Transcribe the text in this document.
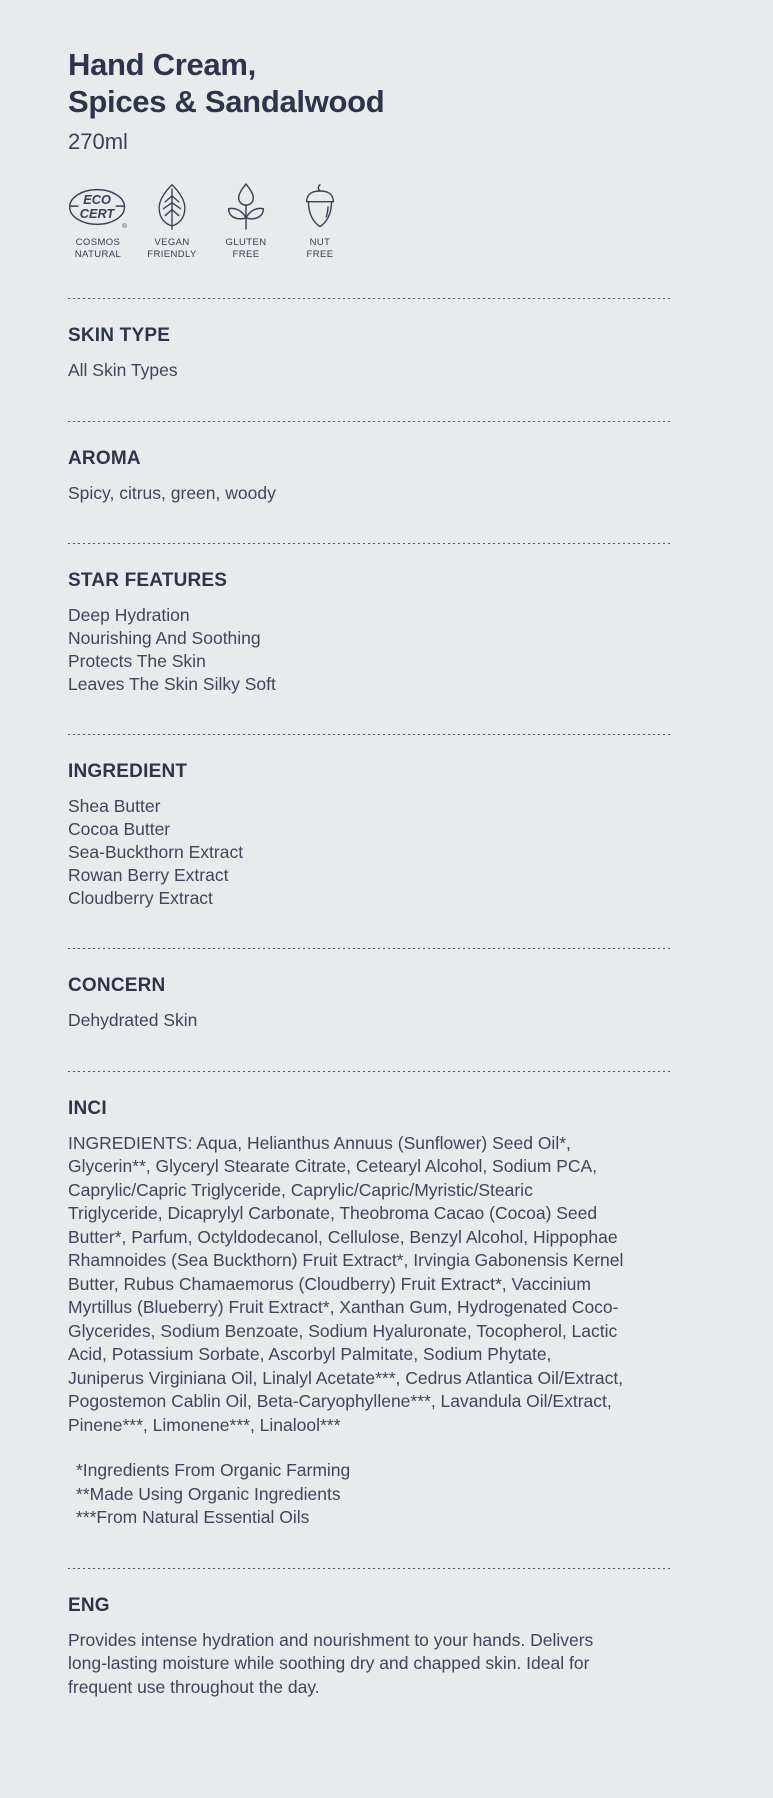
Hand Cream,
Spices & Sandalwood
270ml
ECO
CERT
®
COSMOS
NATURAL
VEGAN
FRIENDLY
GLUTEN
FREE
NUT
FREE
SKIN TYPE
All Skin Types
AROMA
Spicy, citrus, green, woody
STAR FEATURES
Deep Hydration
Nourishing And Soothing
Protects The Skin
Leaves The Skin Silky Soft
INGREDIENT
Shea Butter
Cocoa Butter
Sea-Buckthorn Extract
Rowan Berry Extract
Cloudberry Extract
CONCERN
Dehydrated Skin
INCI
INGREDIENTS: Aqua, Helianthus Annuus (Sunflower) Seed Oil*, Glycerin**, Glyceryl Stearate Citrate, Cetearyl Alcohol, Sodium PCA, Caprylic/Capric Triglyceride, Caprylic/Capric/Myristic/Stearic Triglyceride, Dicaprylyl Carbonate, Theobroma Cacao (Cocoa) Seed Butter*, Parfum, Octyldodecanol, Cellulose, Benzyl Alcohol, Hippophae Rhamnoides (Sea Buckthorn) Fruit Extract*, Irvingia Gabonensis Kernel Butter, Rubus Chamaemorus (Cloudberry) Fruit Extract*, Vaccinium Myrtillus (Blueberry) Fruit Extract*, Xanthan Gum, Hydrogenated Coco-Glycerides, Sodium Benzoate, Sodium Hyaluronate, Tocopherol, Lactic Acid, Potassium Sorbate, Ascorbyl Palmitate, Sodium Phytate, Juniperus Virginiana Oil, Linalyl Acetate***, Cedrus Atlantica Oil/Extract, Pogostemon Cablin Oil, Beta-Caryophyllene***, Lavandula Oil/Extract, Pinene***, Limonene***, Linalool***
*Ingredients From Organic Farming
**Made Using Organic Ingredients
***From Natural Essential Oils
ENG
Provides intense hydration and nourishment to your hands. Delivers long-lasting moisture while soothing dry and chapped skin. Ideal for frequent use throughout the day.
